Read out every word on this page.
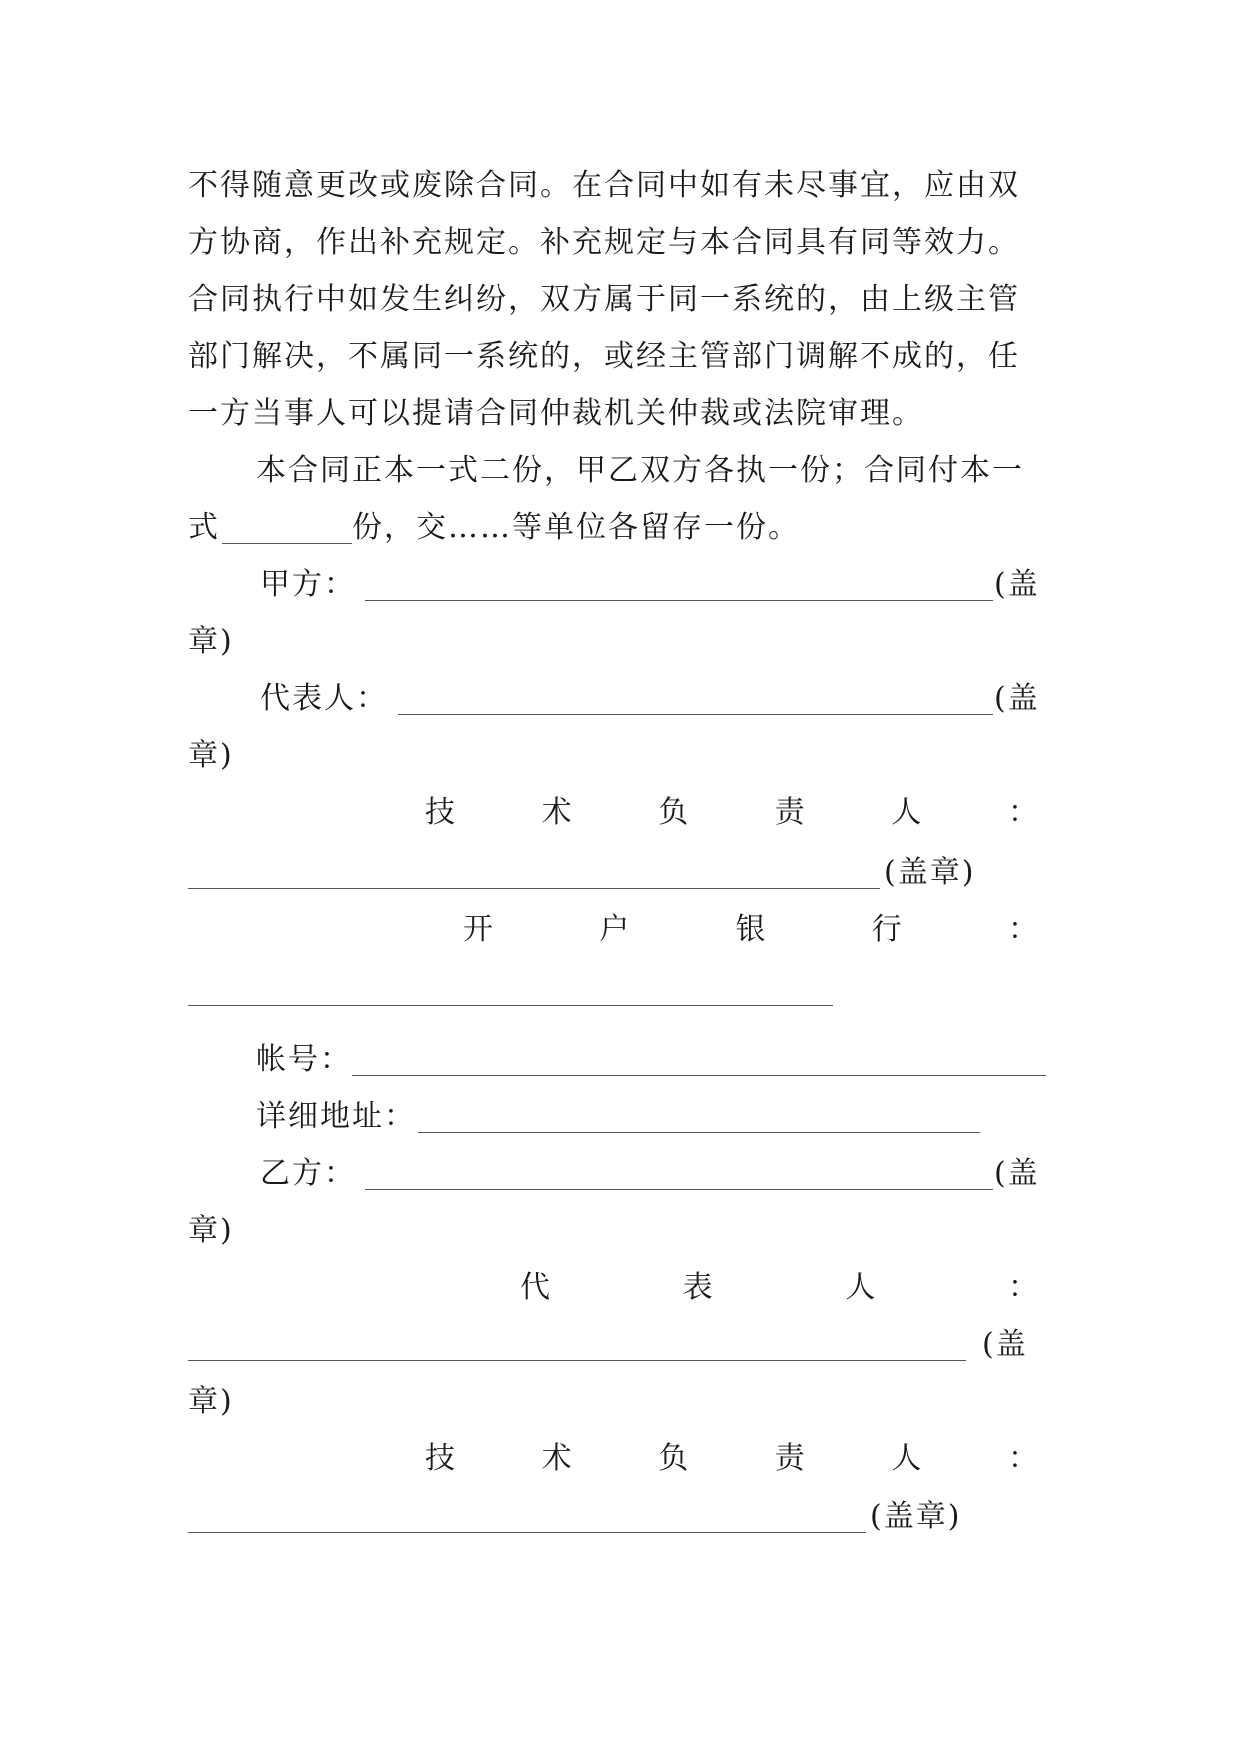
不得随意更改或废除合同。在合同中如有未尽事宜，应由双
方协商，作出补充规定。补充规定与本合同具有同等效力。
合同执行中如发生纠纷，双方属于同一系统的，由上级主管
部门解决，不属同一系统的，或经主管部门调解不成的，任
一方当事人可以提请合同仲裁机关仲裁或法院审理。
本合同正本一式二份，甲乙双方各执一份；合同付本一
式	份，交……等单位各留存一份。
甲方：	(盖
章)
代表人：	(盖
章)
技	术	负	责	人	：
(盖章)
开	户	银	行	：
帐号：
详细地址：
乙方：	(盖
章)
代	表	人	：
(盖
章)
技	术	负	责	人	：
(盖章)
